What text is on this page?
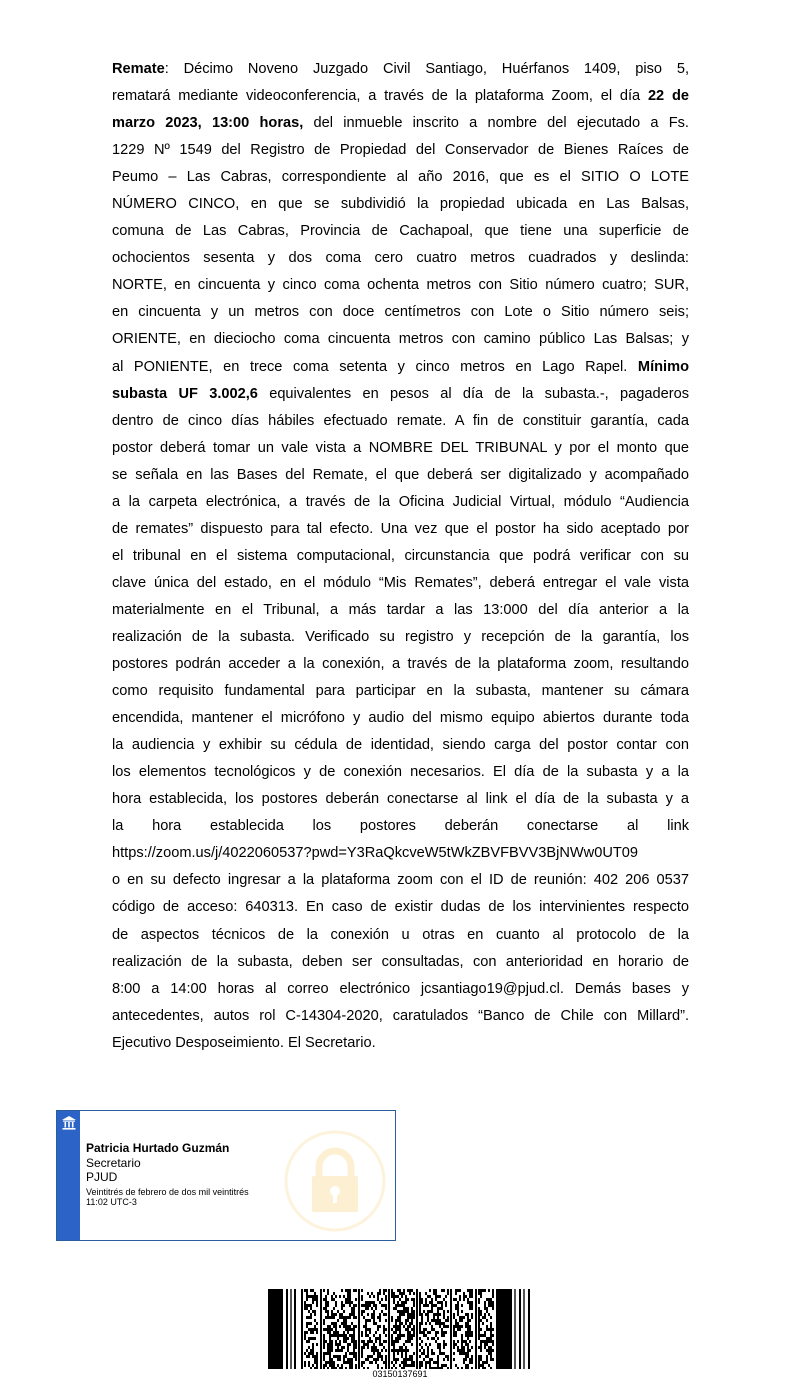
Remate: Décimo Noveno Juzgado Civil Santiago, Huérfanos 1409, piso 5,
rematará mediante videoconferencia, a través de la plataforma Zoom, el día 22 de
marzo 2023, 13:00 horas, del inmueble inscrito a nombre del ejecutado a Fs.
1229 Nº 1549 del Registro de Propiedad del Conservador de Bienes Raíces de
Peumo – Las Cabras, correspondiente al año 2016, que es el SITIO O LOTE
NÚMERO CINCO, en que se subdividió la propiedad ubicada en Las Balsas,
comuna de Las Cabras, Provincia de Cachapoal, que tiene una superficie de
ochocientos sesenta y dos coma cero cuatro metros cuadrados y deslinda:
NORTE, en cincuenta y cinco coma ochenta metros con Sitio número cuatro; SUR,
en cincuenta y un metros con doce centímetros con Lote o Sitio número seis;
ORIENTE, en dieciocho coma cincuenta metros con camino público Las Balsas; y
al PONIENTE, en trece coma setenta y cinco metros en Lago Rapel. Mínimo
subasta UF 3.002,6 equivalentes en pesos al día de la subasta.-, pagaderos
dentro de cinco días hábiles efectuado remate. A fin de constituir garantía, cada
postor deberá tomar un vale vista a NOMBRE DEL TRIBUNAL y por el monto que
se señala en las Bases del Remate, el que deberá ser digitalizado y acompañado
a la carpeta electrónica, a través de la Oficina Judicial Virtual, módulo “Audiencia
de remates” dispuesto para tal efecto. Una vez que el postor ha sido aceptado por
el tribunal en el sistema computacional, circunstancia que podrá verificar con su
clave única del estado, en el módulo “Mis Remates”, deberá entregar el vale vista
materialmente en el Tribunal, a más tardar a las 13:000 del día anterior a la
realización de la subasta. Verificado su registro y recepción de la garantía, los
postores podrán acceder a la conexión, a través de la plataforma zoom, resultando
como requisito fundamental para participar en la subasta, mantener su cámara
encendida, mantener el micrófono y audio del mismo equipo abiertos durante toda
la audiencia y exhibir su cédula de identidad, siendo carga del postor contar con
los elementos tecnológicos y de conexión necesarios. El día de la subasta y a la
hora establecida, los postores deberán conectarse al link el día de la subasta y a
la hora establecida los postores deberán conectarse al link
https://zoom.us/j/4022060537?pwd=Y3RaQkcveW5tWkZBVFBVV3BjNWw0UT09
o en su defecto ingresar a la plataforma zoom con el ID de reunión: 402 206 0537
código de acceso: 640313. En caso de existir dudas de los intervinientes respecto
de aspectos técnicos de la conexión u otras en cuanto al protocolo de la
realización de la subasta, deben ser consultadas, con anterioridad en horario de
8:00 a 14:00 horas al correo electrónico jcsantiago19@pjud.cl. Demás bases y
antecedentes, autos rol C-14304-2020, caratulados “Banco de Chile con Millard”.
Ejecutivo Desposeimiento. El Secretario.
Patricia Hurtado Guzmán
Secretario
PJUD
Veintitrés de febrero de dos mil veintitrés
11:02 UTC-3
03150137691
